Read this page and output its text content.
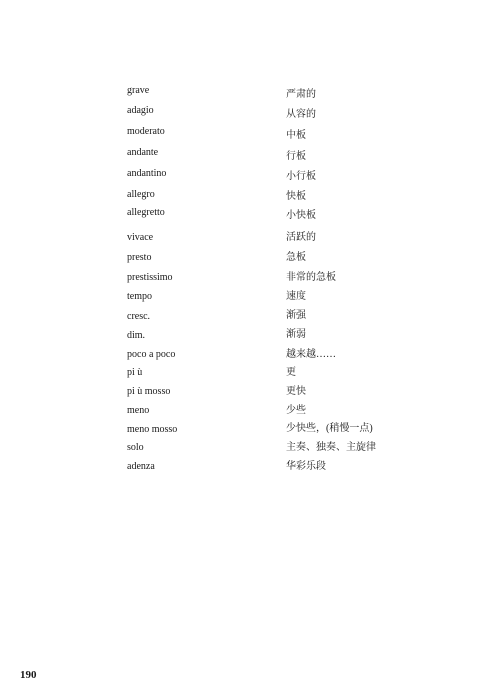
grave	严肃的
adagio	从容的
moderato	中板
andante	行板
andantino	小行板
allegro	快板
allegretto	小快板
vivace	活跃的
presto	急板
prestissimo	非常的急板
tempo	速度
cresc.	渐强
dim.	渐弱
poco a poco	越来越……
pi ù	更
pi ù mosso	更快
meno	少些
meno mosso	少快些，(稍慢一点)
solo	主奏、独奏、主旋律
adenza	华彩乐段
190
